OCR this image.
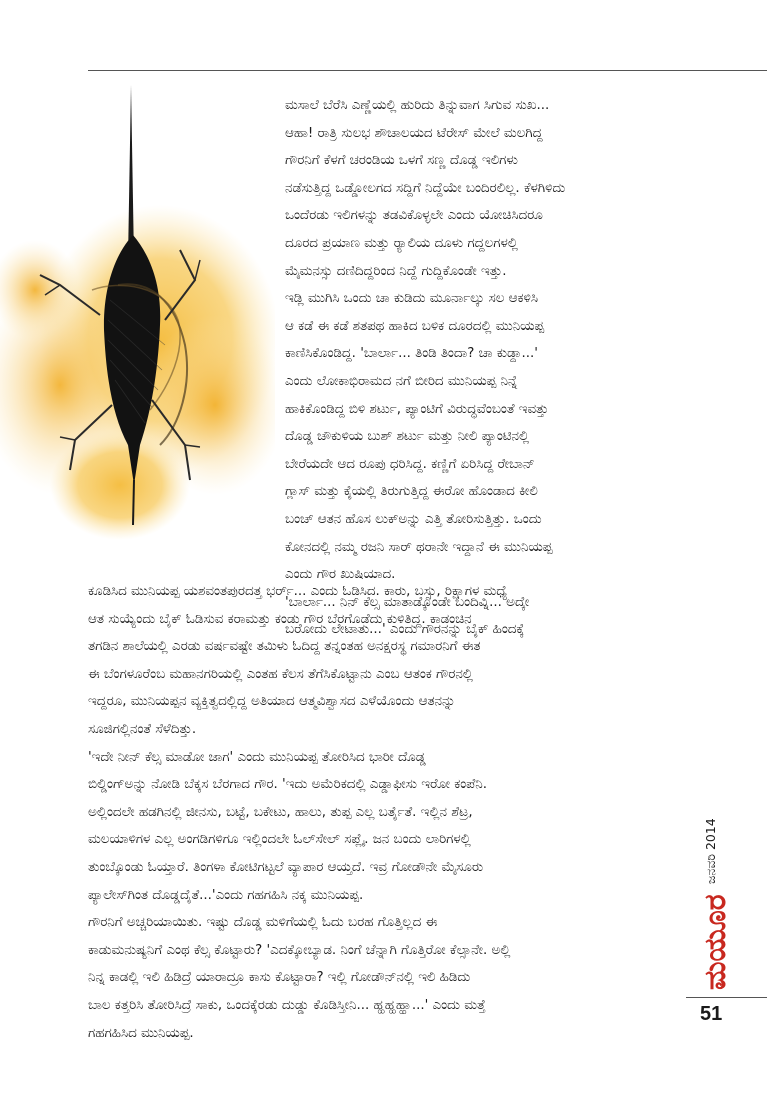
ಮಸಾಲೆ ಬೆರೆಸಿ ಎಣ್ಣೆಯಲ್ಲಿ ಹುರಿದು ತಿನ್ನುವಾಗ ಸಿಗುವ ಸುಖ...
ಆಹಾ! ರಾತ್ರಿ ಸುಲಭ ಶೌಚಾಲಯದ ಟೆರೇಸ್ ಮೇಲೆ ಮಲಗಿದ್ದ
ಗೌರನಿಗೆ ಕೆಳಗೆ ಚರಂಡಿಯ ಒಳಗೆ ಸಣ್ಣ ದೊಡ್ಡ ಇಲಿಗಳು
ನಡೆಸುತ್ತಿದ್ದ ಒಡ್ಡೋಲಗದ ಸದ್ದಿಗೆ ನಿದ್ದೆಯೇ ಬಂದಿರಲಿಲ್ಲ. ಕೆಳಗಿಳಿದು
ಒಂದೆರಡು ಇಲಿಗಳನ್ನು ತಡವಿಕೊಳ್ಳಲೇ ಎಂದು ಯೋಚಿಸಿದರೂ
ದೂರದ ಪ್ರಯಾಣ ಮತ್ತು ರ‍್ಯಾಲಿಯ ದೂಳು ಗದ್ದಲಗಳಲ್ಲಿ
ಮೈಮನಸ್ಸು ದಣಿದಿದ್ದರಿಂದ ನಿದ್ದೆ ಗುದ್ದಿಕೊಂಡೇ ಇತ್ತು.
ಇಡ್ಲಿ ಮುಗಿಸಿ ಒಂದು ಚಾ ಕುಡಿದು ಮೂರ್ನಾಲ್ಕು ಸಲ ಆಕಳಿಸಿ
ಆ ಕಡೆ ಈ ಕಡೆ ಶತಪಥ ಹಾಕಿದ ಬಳಿಕ ದೂರದಲ್ಲಿ ಮುನಿಯಪ್ಪ
ಕಾಣಿಸಿಕೊಂಡಿದ್ದ. 'ಬಾರ್ಲಾ... ತಿಂಡಿ ತಿಂದಾ? ಚಾ ಕುಡ್ದಾ...'
ಎಂದು ಲೋಕಾಭಿರಾಮದ ನಗೆ ಬೀರಿದ ಮುನಿಯಪ್ಪ ನಿನ್ನೆ
ಹಾಕಿಕೊಂಡಿದ್ದ ಬಿಳಿ ಶರ್ಟು, ಪ್ಯಾಂಟಿಗೆ ವಿರುದ್ಧವೆಂಬಂತೆ ಇವತ್ತು
ದೊಡ್ಡ ಚೌಕುಳಿಯ ಬುಶ್ ಶರ್ಟು ಮತ್ತು ನೀಲಿ ಪ್ಯಾಂಟಿನಲ್ಲಿ
ಬೇರೆಯದೇ ಆದ ರೂಪು ಧರಿಸಿದ್ದ. ಕಣ್ಣಿಗೆ ಏರಿಸಿದ್ದ ರೇಬಾನ್
ಗ್ಲಾಸ್ ಮತ್ತು ಕೈಯಲ್ಲಿ ತಿರುಗುತ್ತಿದ್ದ ಈರೋ ಹೊಂಡಾದ ಕೀಲಿ
ಬಂಚ್ ಆತನ ಹೊಸ ಲುಕ್‌ಅನ್ನು ಎತ್ತಿ ತೋರಿಸುತ್ತಿತ್ತು. ಒಂದು
ಕೋನದಲ್ಲಿ ನಮ್ಮ ರಜನಿ ಸಾರ್ ಥರಾನೇ ಇದ್ದಾನೆ ಈ ಮುನಿಯಪ್ಪ
ಎಂದು ಗೌರ ಖುಷಿಯಾದ.
'ಬಾರ್ಲಾ... ನಿನ್ ಕೆಲ್ಸ ಮಾತಾಡ್ಕೊಂಡೇ ಬಂದಿವ್ನಿ... ಅದ್ಕೇ
ಬರೋದು ಲೇಟಾತು...' ಎಂದು ಗೌರನನ್ನು ಬೈಕ್ ಹಿಂದಕ್ಕೆ
ಕೂಡಿಸಿದ ಮುನಿಯಪ್ಪ ಯಶವಂತಪುರದತ್ತ ಭರ್ರ್... ಎಂದು ಓಡಿಸಿದ. ಕಾರು, ಬಸ್ಸು, ರಿಕ್ಷಾಗಳ ಮಧ್ಯೆ
ಆತ ಸುಯ್ಯೆಂದು ಬೈಕ್ ಓಡಿಸುವ ಕರಾಮತ್ತು ಕಂಡು ಗೌರ ಬೆರಗೊಡೆದು ಕುಳಿತಿದ್ದ. ಕಾಡಂಚಿನ
ತಗಡಿನ ಶಾಲೆಯಲ್ಲಿ ಎರಡು ವರ್ಷವಷ್ಟೇ ತಮಿಳು ಓದಿದ್ದ ತನ್ನಂತಹ ಅನಕ್ಷರಸ್ಥ ಗಮಾರನಿಗೆ ಈತ
ಈ ಬೆಂಗಳೂರೆಂಬ ಮಹಾನಗರಿಯಲ್ಲಿ ಎಂತಹ ಕೆಲಸ ತೆಗೆಸಿಕೊಟ್ಟಾನು ಎಂಬ ಆತಂಕ ಗೌರನಲ್ಲಿ
ಇದ್ದರೂ, ಮುನಿಯಪ್ಪನ ವ್ಯಕ್ತಿತ್ವದಲ್ಲಿದ್ದ ಅತಿಯಾದ ಆತ್ಮವಿಶ್ವಾಸದ ಎಳೆಯೊಂದು ಆತನನ್ನು
ಸೂಜಿಗಲ್ಲಿನಂತೆ ಸೆಳೆದಿತ್ತು.
'ಇದೇ ನೀನ್ ಕೆಲ್ಸ ಮಾಡೋ ಜಾಗ' ಎಂದು ಮುನಿಯಪ್ಪ ತೋರಿಸಿದ ಭಾರೀ ದೊಡ್ಡ
ಬಿಲ್ಡಿಂಗ್‌ಅನ್ನು ನೋಡಿ ಬೆಕ್ಕಸ ಬೆರಗಾದ ಗೌರ. 'ಇದು ಅಮೆರಿಕದಲ್ಲಿ ಎಡ್ಡಾಫೀಸು ಇರೋ ಕಂಪೆನಿ.
ಅಲ್ಲಿಂದಲೇ ಹಡಗಿನಲ್ಲಿ ಜೀನಸು, ಬಟ್ಟೆ, ಬಕೇಟು, ಹಾಲು, ತುಪ್ಪ ಎಲ್ಲ ಬರ್ತೈತೆ. ಇಲ್ಲಿನ ಶೆಟ್ರ,
ಮಲಯಾಳಿಗಳ ಎಲ್ಲ ಅಂಗಡಿಗಳಿಗೂ ಇಲ್ಲಿಂದಲೇ ಓಲ್‌ಸೇಲ್ ಸಪ್ಲೈ. ಜನ ಬಂದು ಲಾರಿಗಳಲ್ಲಿ
ತುಂಬ್ಕೊಂಡು ಓಯ್ತಾರೆ. ತಿಂಗಳಾ ಕೋಟಿಗಟ್ಟಲೆ ವ್ಯಾಪಾರ ಆಯ್ತದೆ. ಇವ್ರ ಗೋಡೌನೇ ಮೈಸೂರು
ಪ್ಯಾಲೇಸ್‌ಗಿಂತ ದೊಡ್ಡದೈತೆ...'ಎಂದು ಗಹಗಹಿಸಿ ನಕ್ಕ ಮುನಿಯಪ್ಪ.
ಗೌರನಿಗೆ ಅಚ್ಚರಿಯಾಯಿತು. ಇಷ್ಟು ದೊಡ್ಡ ಮಳಿಗೆಯಲ್ಲಿ ಓದು ಬರಹ ಗೊತ್ತಿಲ್ಲದ ಈ
ಕಾಡುಮನುಷ್ಯನಿಗೆ ಎಂಥ ಕೆಲ್ಸ ಕೊಟ್ಟಾರು? 'ಎದಕ್ಕೋಬ್ಯಾಡ. ನಿಂಗೆ ಚೆನ್ನಾಗಿ ಗೊತ್ತಿರೋ ಕೆಲ್ಸಾನೇ. ಅಲ್ಲಿ
ನಿನ್ನ ಕಾಡಲ್ಲಿ ಇಲಿ ಹಿಡಿದ್ರೆ ಯಾರಾದ್ರೂ ಕಾಸು ಕೊಟ್ಟಾರಾ? ಇಲ್ಲಿ ಗೋಡೌನ್‌ನಲ್ಲಿ ಇಲಿ ಹಿಡಿದು
ಬಾಲ ಕತ್ತರಿಸಿ ತೋರಿಸಿದ್ರೆ ಸಾಕು, ಒಂದಕ್ಕೆರಡು ದುಡ್ಡು ಕೊಡಿಸ್ತೀನಿ... ಹ್ಹಹ್ಹಹ್ಹಾ...' ಎಂದು ಮತ್ತೆ
ಗಹಗಹಿಸಿದ ಮುನಿಯಪ್ಪ.
ಜನವರಿ 2014
ಮಯೂರ
51
